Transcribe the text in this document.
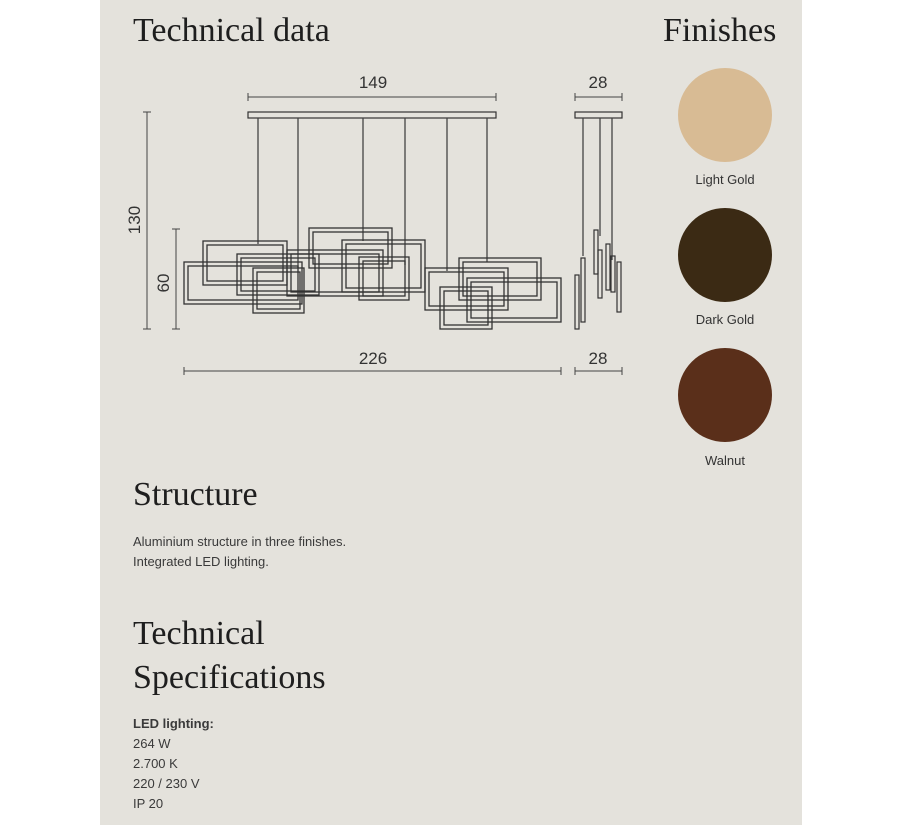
Technical data	Finishes
149	28
130
60
226	28
Light Gold
Dark Gold
Walnut
Structure
Aluminium structure in three finishes.
Integrated LED lighting.
Technical
Specifications
LED lighting:
264 W
2.700 K
220 / 230 V
IP 20
